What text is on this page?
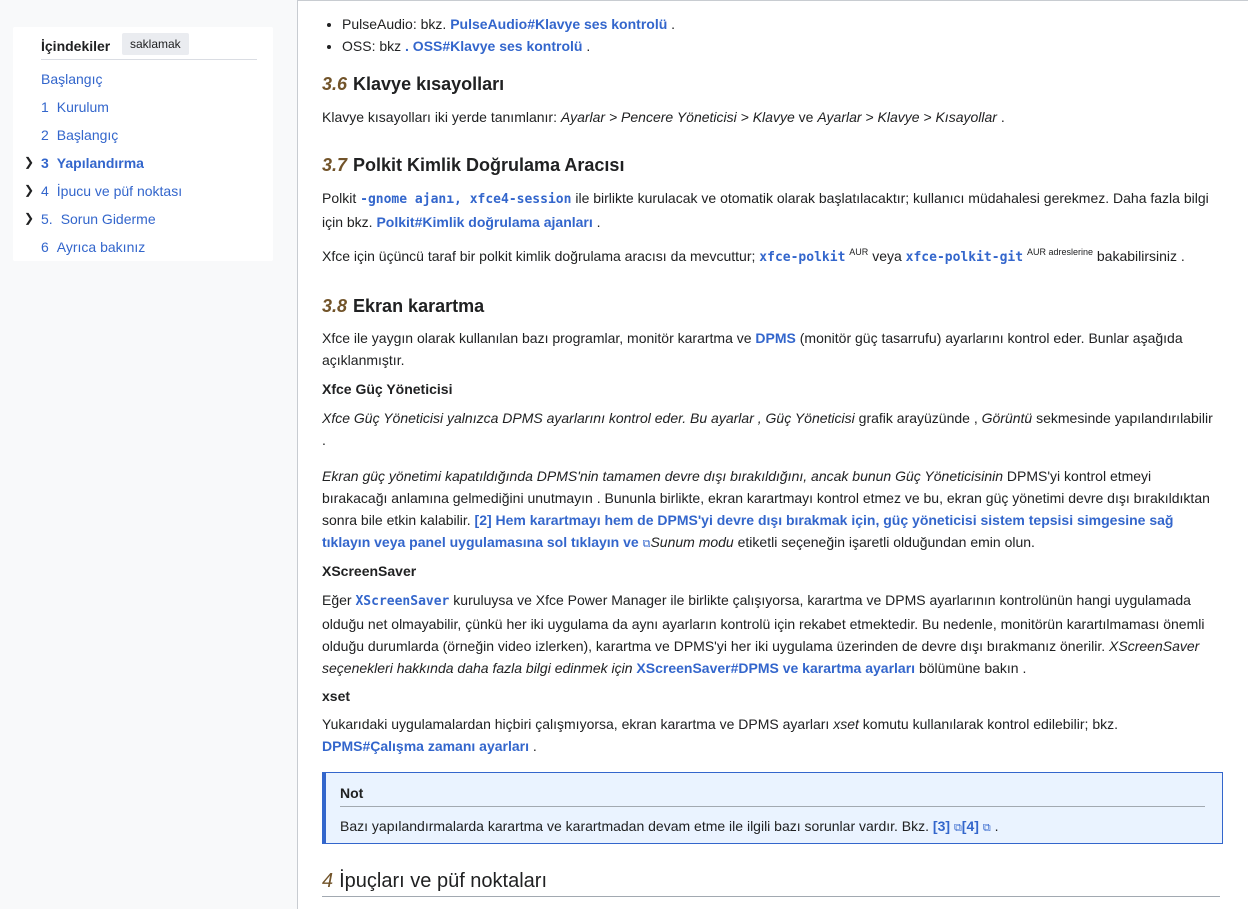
İçindekiler	saklamak
Başlangıç
1 Kurulum
2 Başlangıç
❯ 3 Yapılandırma
❯ 4 İpucu ve püf noktası
❯ 5. Sorun Giderme
6 Ayrıca bakınız
• PulseAudio: bkz. PulseAudio#Klavye ses kontrolü .
• OSS: bkz . OSS#Klavye ses kontrolü .
3.6 Klavye kısayolları

Klavye kısayolları iki yerde tanımlanır: Ayarlar > Pencere Yöneticisi > Klavye ve Ayarlar > Klavye > Kısayollar .

3.7 Polkit Kimlik Doğrulama Aracısı

Polkit -gnome ajanı, xfce4-session ile birlikte kurulacak ve otomatik olarak başlatılacaktır; kullanıcı müdahalesi gerekmez. Daha fazla bilgi
için bkz. Polkit#Kimlik doğrulama ajanları .

Xfce için üçüncü taraf bir polkit kimlik doğrulama aracısı da mevcuttur; xfce-polkit $^{AUR}$ veya xfce-polkit-git $^{AUR adreslerine}$ bakabilirsiniz .

3.8 Ekran karartma

Xfce ile yaygın olarak kullanılan bazı programlar, monitör karartma ve DPMS (monitör güç tasarrufu) ayarlarını kontrol eder. Bunlar aşağıda
açıklanmıştır.

Xfce Güç Yöneticisi

Xfce Güç Yöneticisi yalnızca DPMS ayarlarını kontrol eder. Bu ayarlar , Güç Yöneticisi grafik arayüzünde , Görüntü sekmesinde yapılandırılabilir
.

Ekran güç yönetimi kapatıldığında DPMS'nin tamamen devre dışı bırakıldığını, ancak bunun Güç Yöneticisinin DPMS'yi kontrol etmeyi
bırakacağı anlamına gelmediğini unutmayın . Bununla birlikte, ekran karartmayı kontrol etmez ve bu, ekran güç yönetimi devre dışı bırakıldıktan
sonra bile etkin kalabilir. [2] Hem karartmayı hem de DPMS'yi devre dışı bırakmak için, güç yöneticisi sistem tepsisi simgesine sağ
tıklayın veya panel uygulamasına sol tıklayın ve ⧉Sunum modu etiketli seçeneğin işaretli olduğundan emin olun.

XScreenSaver

Eğer XScreenSaver kuruluysa ve Xfce Power Manager ile birlikte çalışıyorsa, karartma ve DPMS ayarlarının kontrolünün hangi uygulamada
olduğu net olmayabilir, çünkü her iki uygulama da aynı ayarların kontrolü için rekabet etmektedir. Bu nedenle, monitörün karartılmaması önemli
olduğu durumlarda (örneğin video izlerken), karartma ve DPMS'yi her iki uygulama üzerinden de devre dışı bırakmanız önerilir. XScreenSaver
seçenekleri hakkında daha fazla bilgi edinmek için XScreenSaver#DPMS ve karartma ayarları bölümüne bakın .

xset

Yukarıdaki uygulamalardan hiçbiri çalışmıyorsa, ekran karartma ve DPMS ayarları xset komutu kullanılarak kontrol edilebilir; bkz.
DPMS#Çalışma zamanı ayarları .

Not
Bazı yapılandırmalarda karartma ve karartmadan devam etme ile ilgili bazı sorunlar vardır. Bkz. [3] ⧉[4] ⧉ .
4 İpuçları ve püf noktaları
